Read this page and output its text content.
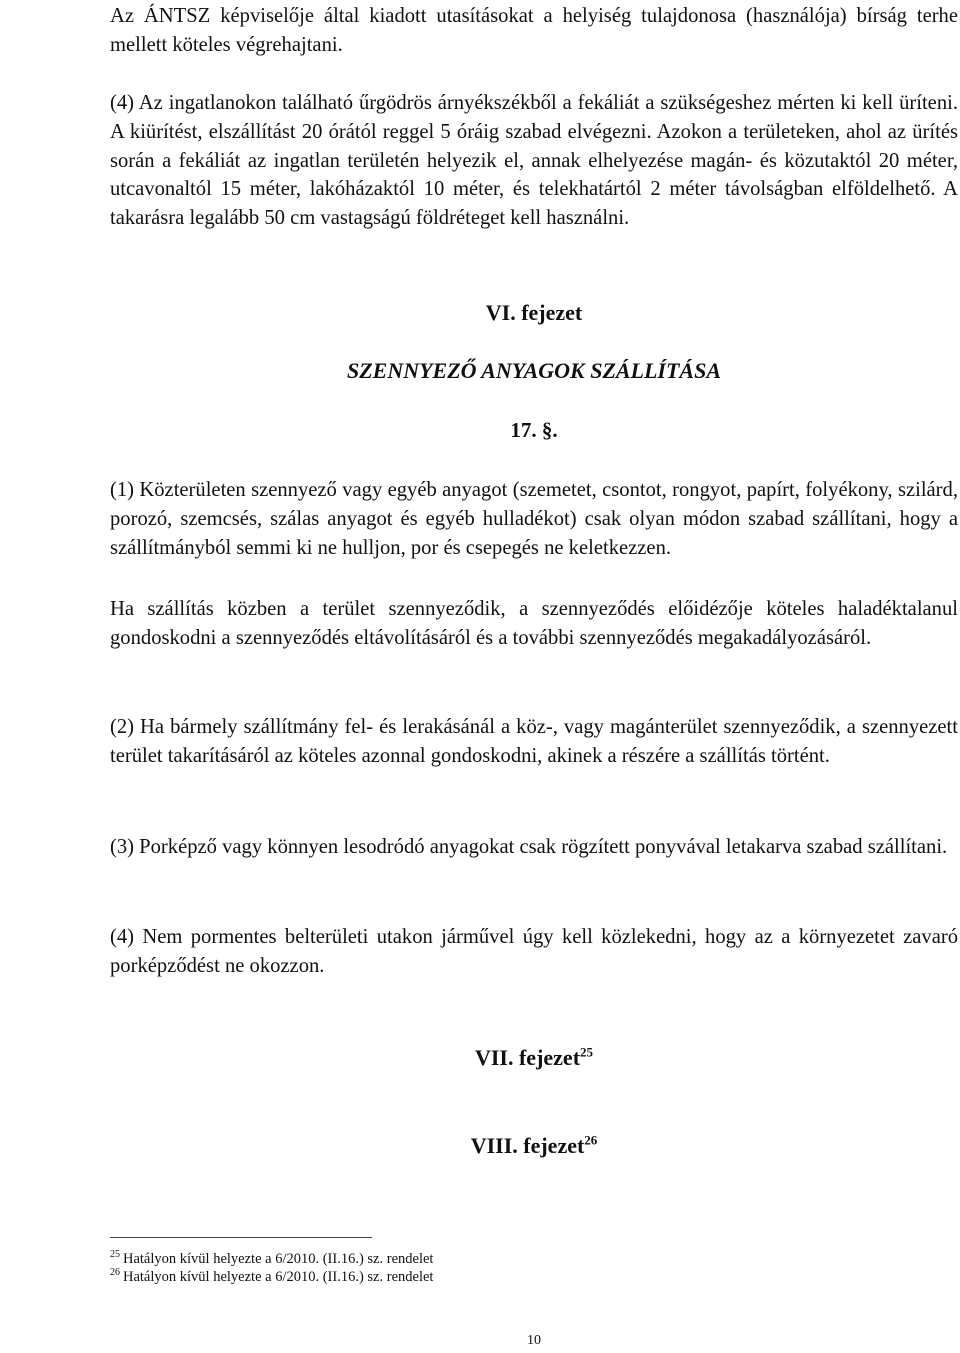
Az ÁNTSZ képviselője által kiadott utasításokat a helyiség tulajdonosa (használója) bírság terhe mellett köteles végrehajtani.

(4) Az ingatlanokon található űrgödrös árnyékszékből a fekáliát a szükségeshez mérten ki kell üríteni. A kiürítést, elszállítást 20 órától reggel 5 óráig szabad elvégezni. Azokon a területeken, ahol az ürítés során a fekáliát az ingatlan területén helyezik el, annak elhelyezése magán- és közutaktól 20 méter, utcavonaltól 15 méter, lakóházaktól 10 méter, és telekhatártól 2 méter távolságban elföldelhető. A takarásra legalább 50 cm vastagságú földréteget kell használni.

VI. fejezet

SZENNYEZŐ ANYAGOK SZÁLLÍTÁSA

17. §.

(1) Közterületen szennyező vagy egyéb anyagot (szemetet, csontot, rongyot, papírt, folyékony, szilárd, porozó, szemcsés, szálas anyagot és egyéb hulladékot) csak olyan módon szabad szállítani, hogy a szállítmányból semmi ki ne hulljon, por és csepegés ne keletkezzen.

Ha szállítás közben a terület szennyeződik, a szennyeződés előidézője köteles haladéktalanul gondoskodni a szennyeződés eltávolításáról és a további szennyeződés megakadályozásáról.

(2) Ha bármely szállítmány fel- és lerakásánál a köz-, vagy magánterület szennyeződik, a szennyezett terület takarításáról az köteles azonnal gondoskodni, akinek a részére a szállítás történt.

(3) Porképző vagy könnyen lesodródó anyagokat csak rögzített ponyvával letakarva szabad szállítani.

(4) Nem pormentes belterületi utakon járművel úgy kell közlekedni, hogy az a környezetet zavaró porképződést ne okozzon.

VII. fejezet$^{25}$

VIII. fejezet$^{26}$

$^{25}$ Hatályon kívül helyezte a 6/2010. (II.16.) sz. rendelet

$^{26}$ Hatályon kívül helyezte a 6/2010. (II.16.) sz. rendelet

10
